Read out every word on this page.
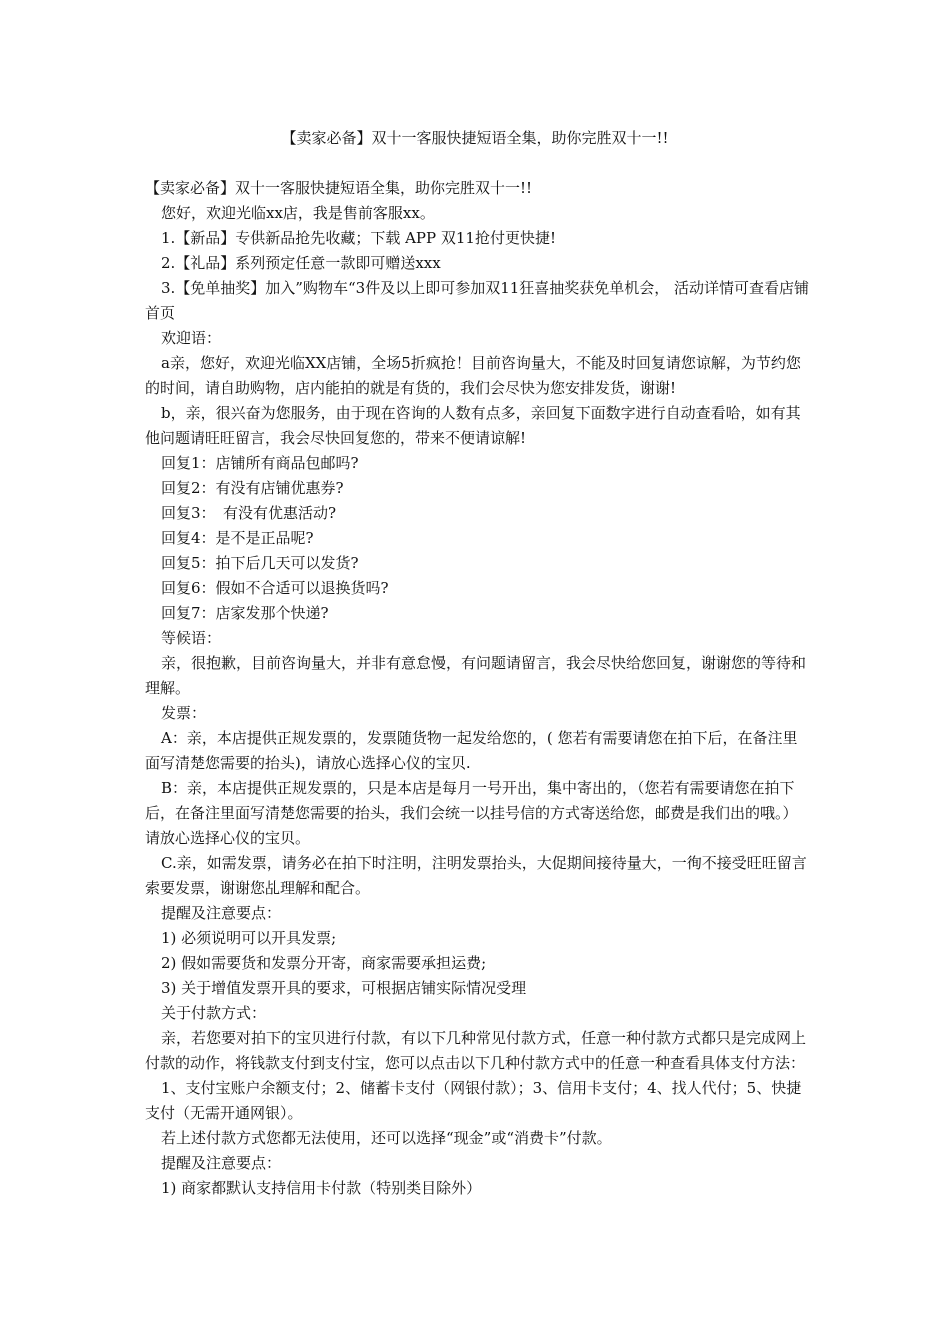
【卖家必备】双十一客服快捷短语全集，助你完胜双十一!!

【卖家必备】双十一客服快捷短语全集，助你完胜双十一!!

您好，欢迎光临xx店，我是售前客服xx。

1.【新品】专供新品抢先收藏；下载 APP 双11抢付更快捷!

2.【礼品】系列预定任意一款即可赠送xxx

3.【免单抽奖】加入”购物车“3件及以上即可参加双11狂喜抽奖获免单机会， 活动详情可查看店铺首页

欢迎语：

a亲，您好，欢迎光临XX店铺，全场5折疯抢！目前咨询量大，不能及时回复请您谅解，为节约您的时间，请自助购物，店内能拍的就是有货的，我们会尽快为您安排发货，谢谢!

b，亲，很兴奋为您服务，由于现在咨询的人数有点多，亲回复下面数字进行自动查看哈，如有其他问题请旺旺留言，我会尽快回复您的，带来不便请谅解!

回复1：店铺所有商品包邮吗?

回复2：有没有店铺优惠券?

回复3：　有没有优惠活动?

回复4：是不是正品呢?

回复5：拍下后几天可以发货?

回复6：假如不合适可以退换货吗?

回复7：店家发那个快递?

等候语：

亲，很抱歉，目前咨询量大，并非有意怠慢，有问题请留言，我会尽快给您回复，谢谢您的等待和理解。

发票：

A：亲，本店提供正规发票的，发票随货物一起发给您的，( 您若有需要请您在拍下后，在备注里面写清楚您需要的抬头)，请放心选择心仪的宝贝.

B：亲，本店提供正规发票的，只是本店是每月一号开出，集中寄出的，（您若有需要请您在拍下后，在备注里面写清楚您需要的抬头，我们会统一以挂号信的方式寄送给您，邮费是我们出的哦。）请放心选择心仪的宝贝。

C.亲，如需发票，请务必在拍下时注明，注明发票抬头，大促期间接待量大，一徇不接受旺旺留言索要发票，谢谢您乩理解和配合。

提醒及注意要点：

1) 必须说明可以开具发票;

2) 假如需要货和发票分开寄，商家需要承担运费;

3) 关于增值发票开具的要求，可根据店铺实际情况受理

关于付款方式：

亲，若您要对拍下的宝贝进行付款，有以下几种常见付款方式，任意一种付款方式都只是完成网上付款的动作，将钱款支付到支付宝，您可以点击以下几种付款方式中的任意一种查看具体支付方法：

1、支付宝账户余额支付；2、储蓄卡支付（网银付款）；3、信用卡支付；4、找人代付；5、快捷支付（无需开通网银）。

若上述付款方式您都无法使用，还可以选择“现金”或“消费卡”付款。

提醒及注意要点：

1) 商家都默认支持信用卡付款（特别类目除外）
